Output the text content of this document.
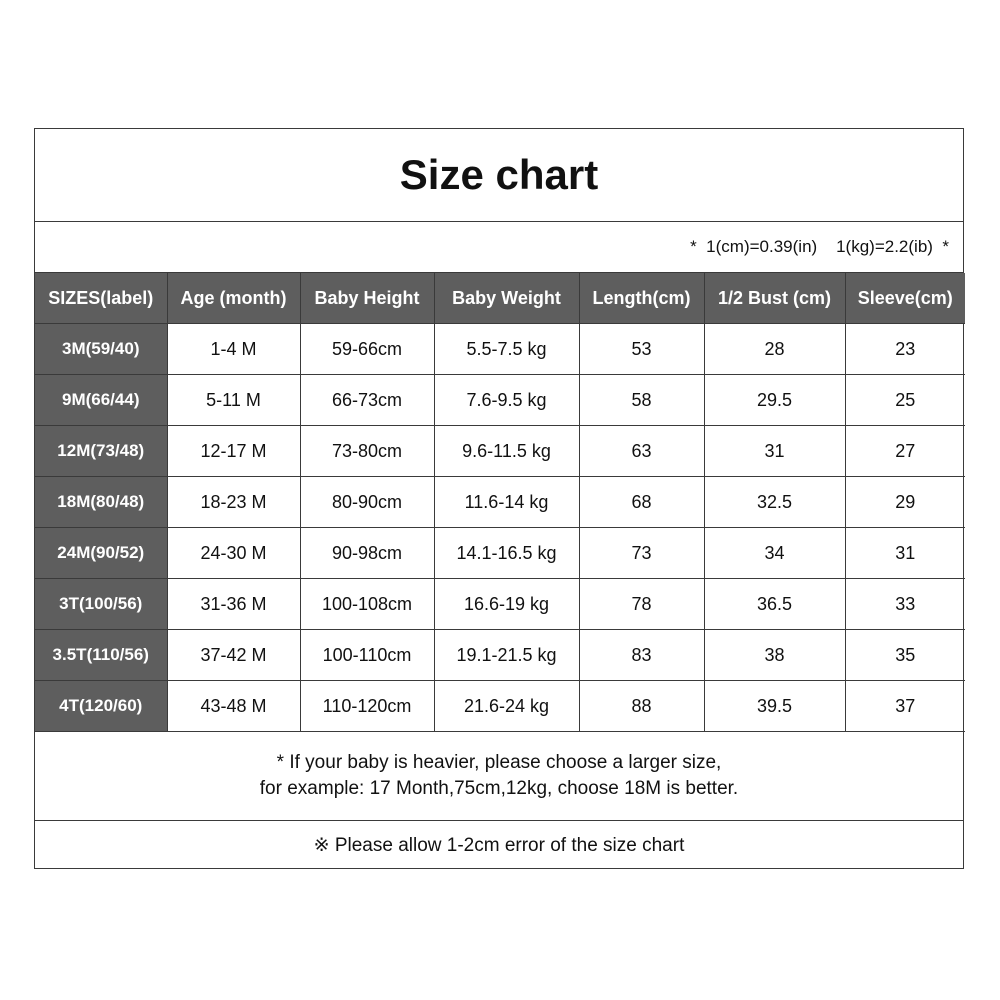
Size chart
*  1(cm)=0.39(in)    1(kg)=2.2(ib)  *
SIZES(label)	Age (month)	Baby Height	Baby Weight	Length(cm)	1/2 Bust (cm)	Sleeve(cm)
3M(59/40)	1-4 M	59-66cm	5.5-7.5 kg	53	28	23
9M(66/44)	5-11 M	66-73cm	7.6-9.5 kg	58	29.5	25
12M(73/48)	12-17 M	73-80cm	9.6-11.5 kg	63	31	27
18M(80/48)	18-23 M	80-90cm	11.6-14 kg	68	32.5	29
24M(90/52)	24-30 M	90-98cm	14.1-16.5 kg	73	34	31
3T(100/56)	31-36 M	100-108cm	16.6-19 kg	78	36.5	33
3.5T(110/56)	37-42 M	100-110cm	19.1-21.5 kg	83	38	35
4T(120/60)	43-48 M	110-120cm	21.6-24 kg	88	39.5	37
* If your baby is heavier, please choose a larger size,
for example: 17 Month,75cm,12kg, choose 18M is better.
※ Please allow 1-2cm error of the size chart
